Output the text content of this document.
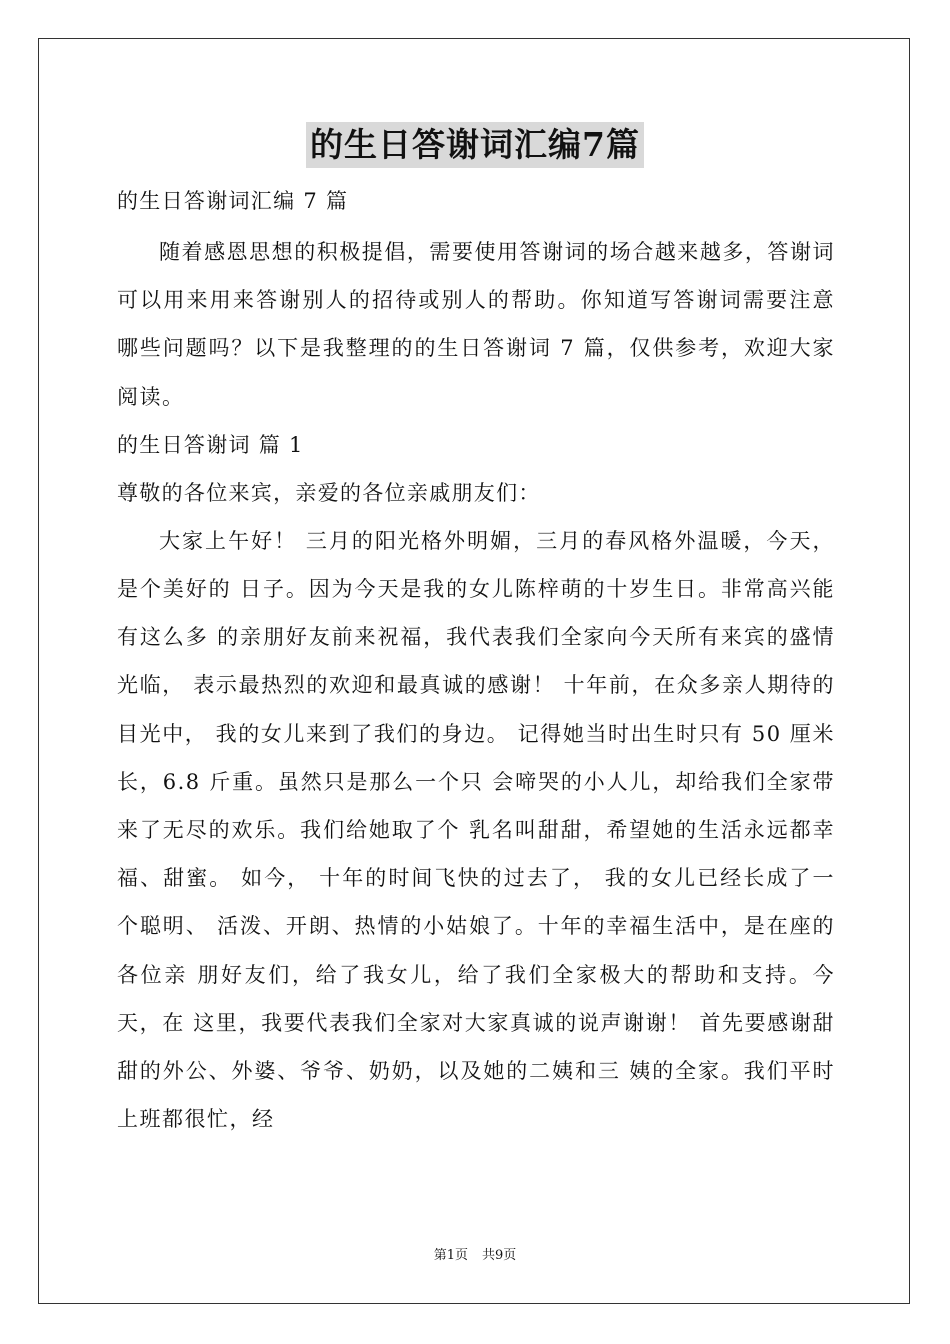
的生日答谢词汇编7篇
的生日答谢词汇编 7 篇

随着感恩思想的积极提倡，需要使用答谢词的场合越来越多，答谢词可以用来用来答谢别人的招待或别人的帮助。你知道写答谢词需要注意哪些问题吗？以下是我整理的的生日答谢词 7 篇，仅供参考，欢迎大家阅读。

的生日答谢词 篇 1
尊敬的各位来宾，亲爱的各位亲戚朋友们：

大家上午好！ 三月的阳光格外明媚，三月的春风格外温暖，今天，是个美好的 日子。因为今天是我的女儿陈梓萌的十岁生日。非常高兴能有这么多 的亲朋好友前来祝福，我代表我们全家向今天所有来宾的盛情光临， 表示最热烈的欢迎和最真诚的感谢！ 十年前，在众多亲人期待的目光中， 我的女儿来到了我们的身边。 记得她当时出生时只有 50 厘米长，6.8 斤重。虽然只是那么一个只 会啼哭的小人儿，却给我们全家带来了无尽的欢乐。我们给她取了个 乳名叫甜甜，希望她的生活永远都幸福、甜蜜。 如今， 十年的时间飞快的过去了， 我的女儿已经长成了一个聪明、 活泼、开朗、热情的小姑娘了。十年的幸福生活中，是在座的各位亲 朋好友们，给了我女儿，给了我们全家极大的帮助和支持。今天，在 这里，我要代表我们全家对大家真诚的说声谢谢！ 首先要感谢甜甜的外公、外婆、爷爷、奶奶，以及她的二姨和三 姨的全家。我们平时上班都很忙，经

第1页 共9页
